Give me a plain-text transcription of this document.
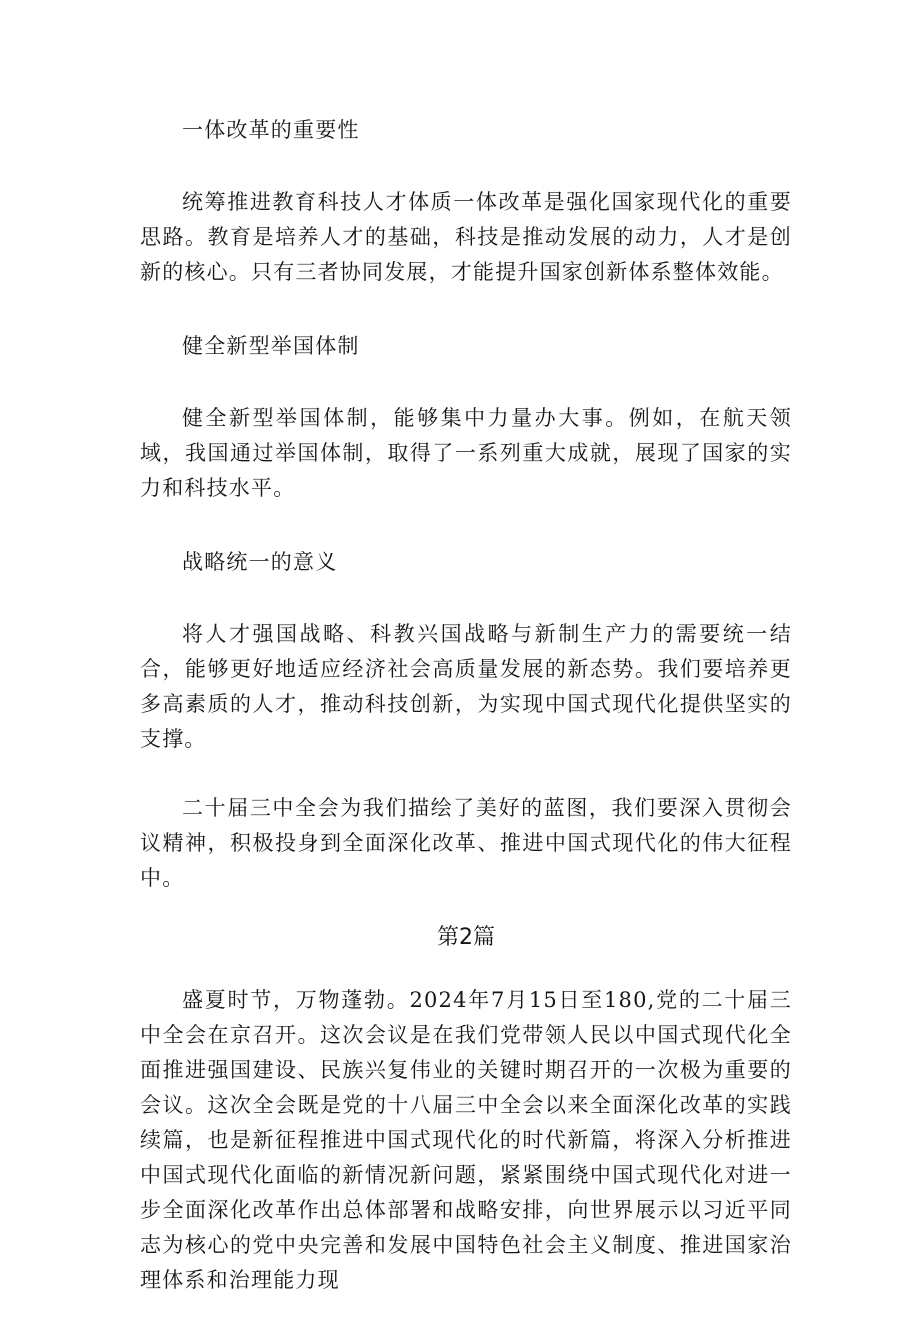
一体改革的重要性

统筹推进教育科技人才体质一体改革是强化国家现代化的重要思路。教育是培养人才的基础，科技是推动发展的动力，人才是创新的核心。只有三者协同发展，才能提升国家创新体系整体效能。

健全新型举国体制

健全新型举国体制，能够集中力量办大事。例如，在航天领域，我国通过举国体制，取得了一系列重大成就，展现了国家的实力和科技水平。

战略统一的意义

将人才强国战略、科教兴国战略与新制生产力的需要统一结合，能够更好地适应经济社会高质量发展的新态势。我们要培养更多高素质的人才，推动科技创新，为实现中国式现代化提供坚实的支撑。

二十届三中全会为我们描绘了美好的蓝图，我们要深入贯彻会议精神，积极投身到全面深化改革、推进中国式现代化的伟大征程中。

第2篇

盛夏时节，万物蓬勃。2024年7月15日至180,党的二十届三中全会在京召开。这次会议是在我们党带领人民以中国式现代化全面推进强国建设、民族兴复伟业的关键时期召开的一次极为重要的会议。这次全会既是党的十八届三中全会以来全面深化改革的实践续篇，也是新征程推进中国式现代化的时代新篇，将深入分析推进中国式现代化面临的新情况新问题，紧紧围绕中国式现代化对进一步全面深化改革作出总体部署和战略安排，向世界展示以习近平同志为核心的党中央完善和发展中国特色社会主义制度、推进国家治理体系和治理能力现
